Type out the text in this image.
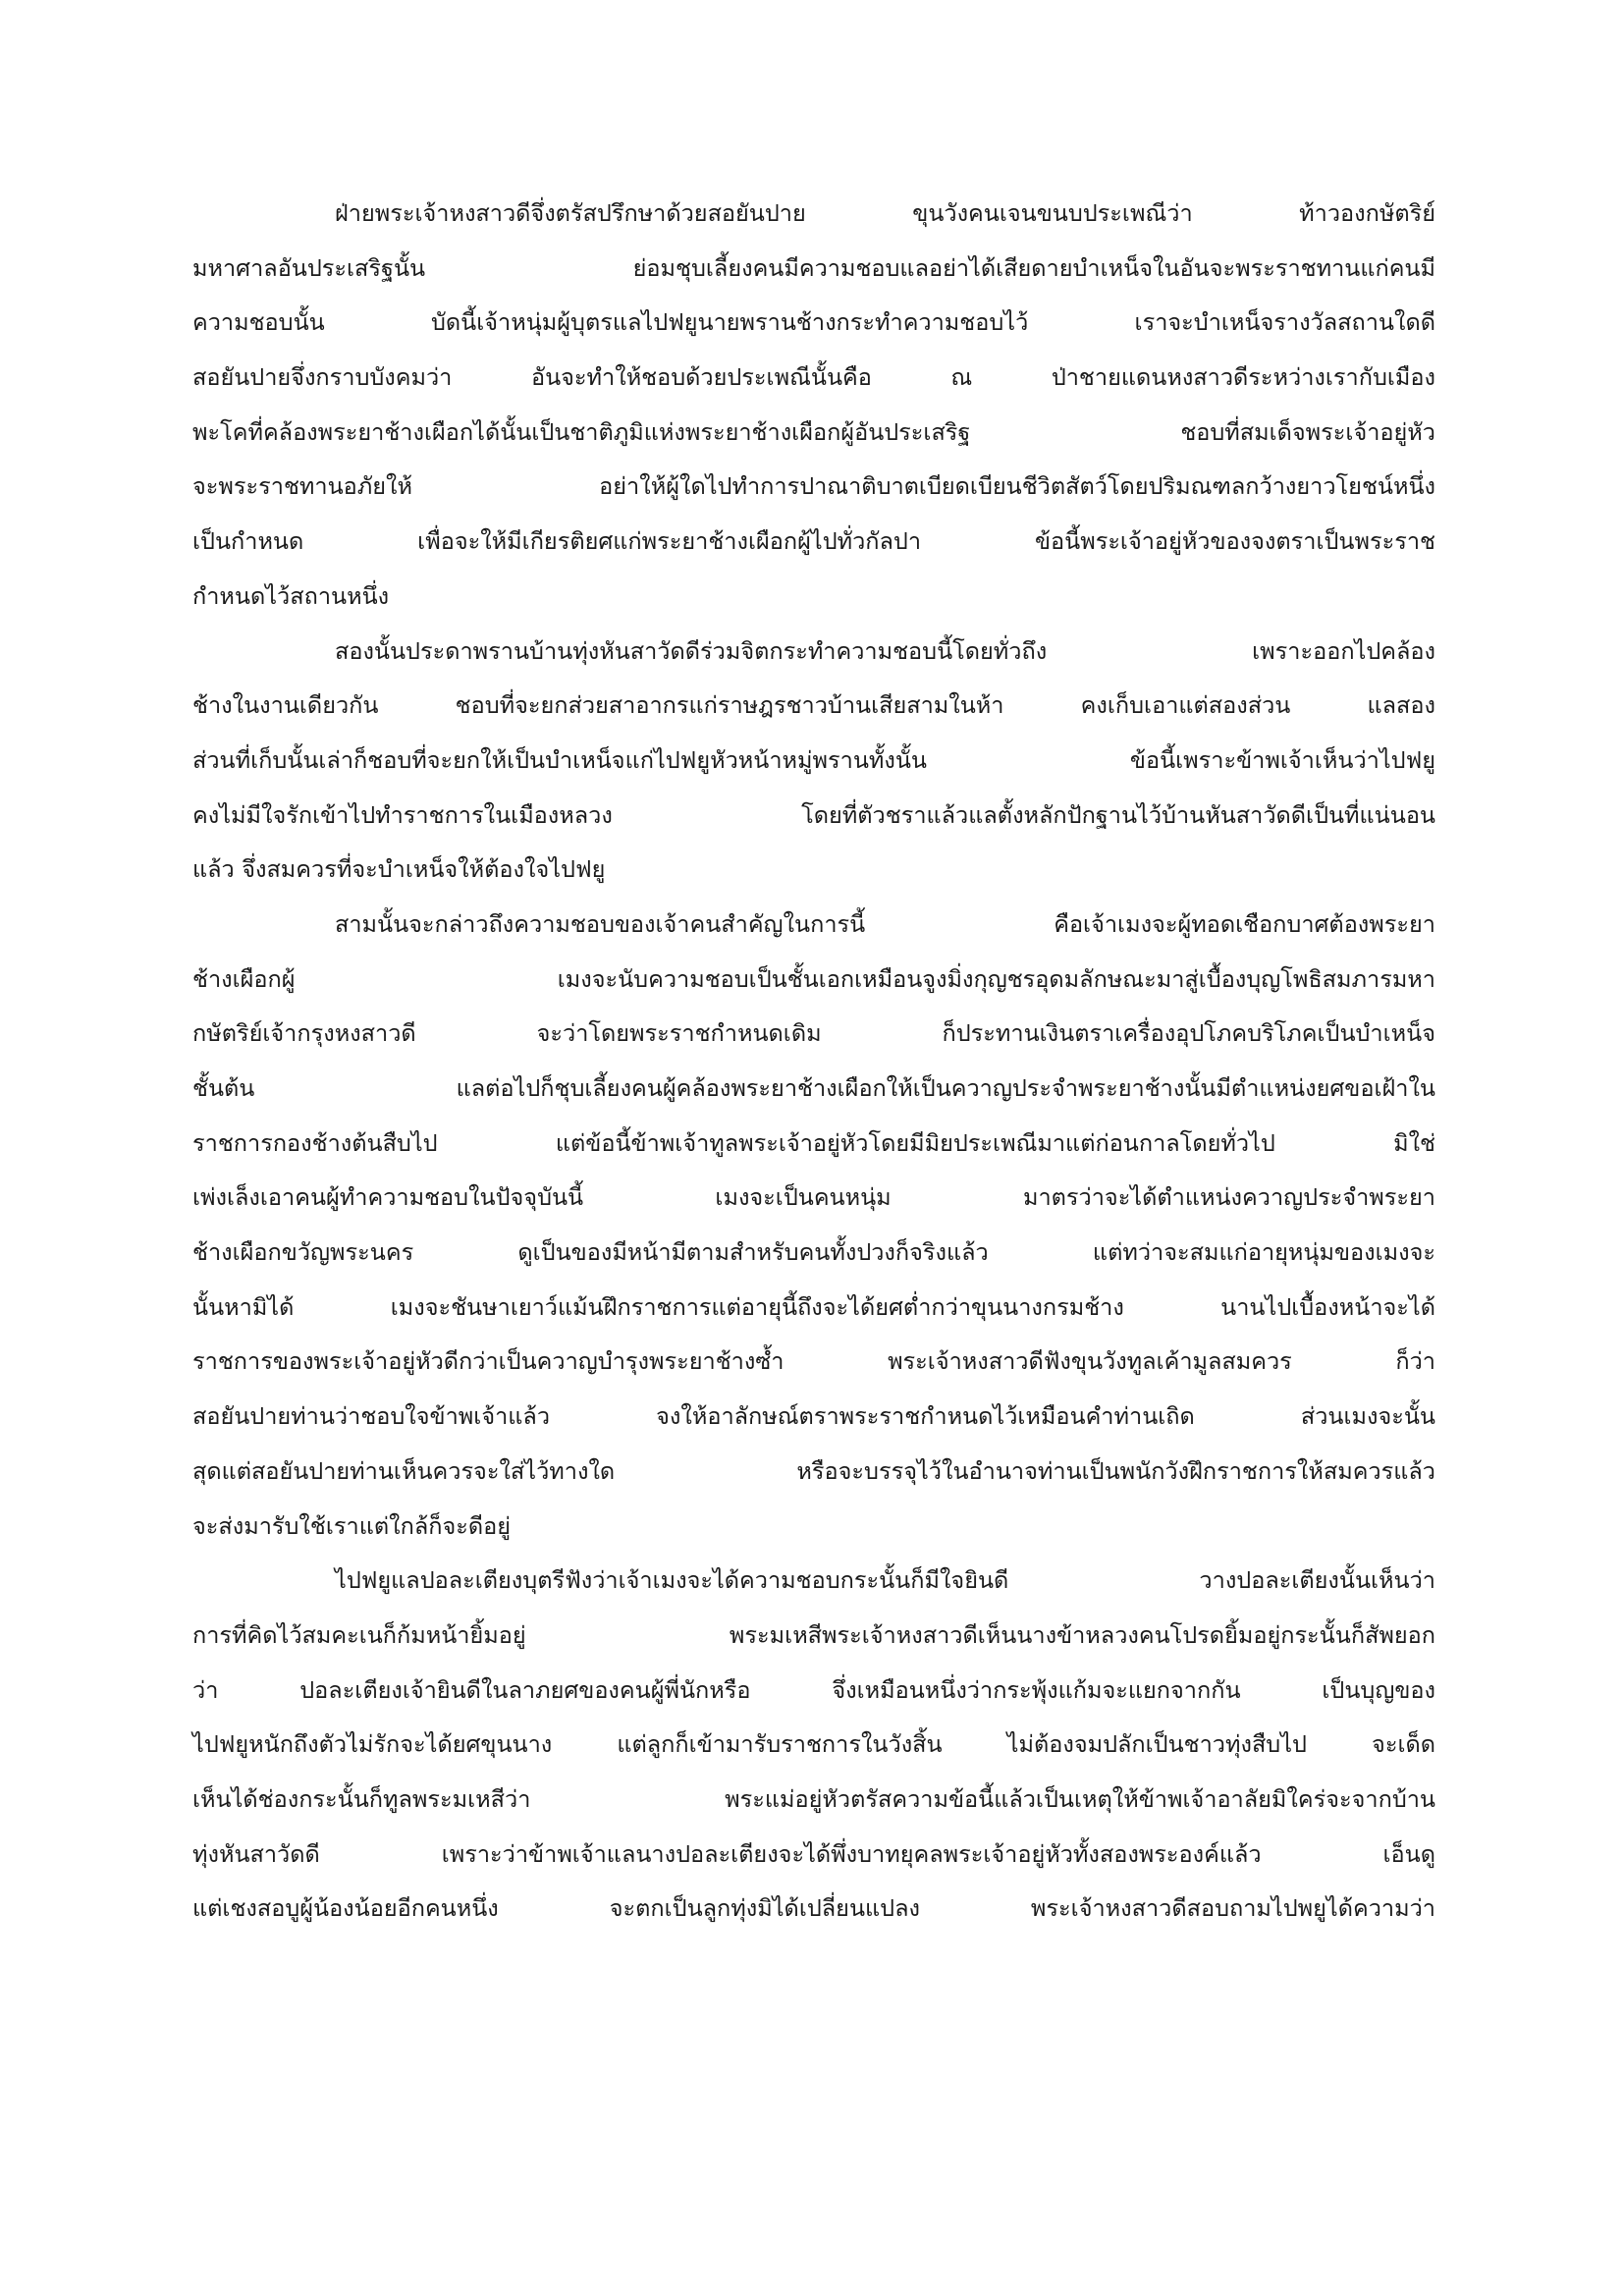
ฝ่ายพระเจ้าหงสาวดีจึ่งตรัสปรึกษาด้วยสอยันปาย ขุนวังคนเจนขนบประเพณีว่า ท้าวองกษัตริย์
มหาศาลอันประเสริฐนั้น ย่อมชุบเลี้ยงคนมีความชอบแลอย่าได้เสียดายบำเหน็จในอันจะพระราชทานแก่คนมี
ความชอบนั้น บัดนี้เจ้าหนุ่มผู้บุตรแลไปฟยูนายพรานช้างกระทำความชอบไว้ เราจะบำเหน็จรางวัลสถานใดดี
สอยันปายจึ่งกราบบังคมว่า อันจะทำให้ชอบด้วยประเพณีนั้นคือ ณ ป่าชายแดนหงสาวดีระหว่างเรากับเมือง
พะโคที่คล้องพระยาช้างเผือกได้นั้นเป็นชาติภูมิแห่งพระยาช้างเผือกผู้อันประเสริฐ ชอบที่สมเด็จพระเจ้าอยู่หัว
จะพระราชทานอภัยให้ อย่าให้ผู้ใดไปทำการปาณาติบาตเบียดเบียนชีวิตสัตว์โดยปริมณฑลกว้างยาวโยชน์หนึ่ง
เป็นกำหนด เพื่อจะให้มีเกียรติยศแก่พระยาช้างเผือกผู้ไปทั่วกัลปา ข้อนี้พระเจ้าอยู่หัวของจงตราเป็นพระราช
กำหนดไว้สถานหนึ่ง

สองนั้นประดาพรานบ้านทุ่งหันสาวัดดีร่วมจิตกระทำความชอบนี้โดยทั่วถึง เพราะออกไปคล้อง
ช้างในงานเดียวกัน ชอบที่จะยกส่วยสาอากรแก่ราษฎรชาวบ้านเสียสามในห้า คงเก็บเอาแต่สองส่วน แลสอง
ส่วนที่เก็บนั้นเล่าก็ชอบที่จะยกให้เป็นบำเหน็จแก่ไปฟยูหัวหน้าหมู่พรานทั้งนั้น ข้อนี้เพราะข้าพเจ้าเห็นว่าไปฟยู
คงไม่มีใจรักเข้าไปทำราชการในเมืองหลวง โดยที่ตัวชราแล้วแลตั้งหลักปักฐานไว้บ้านหันสาวัดดีเป็นที่แน่นอน
แล้ว จึ่งสมควรที่จะบำเหน็จให้ต้องใจไปฟยู

สามนั้นจะกล่าวถึงความชอบของเจ้าคนสำคัญในการนี้ คือเจ้าเมงจะผู้ทอดเชือกบาศต้องพระยา
ช้างเผือกผู้ เมงจะนับความชอบเป็นชั้นเอกเหมือนจูงมิ่งกุญชรอุดมลักษณะมาสู่เบื้องบุญโพธิสมภารมหา
กษัตริย์เจ้ากรุงหงสาวดี จะว่าโดยพระราชกำหนดเดิม ก็ประทานเงินตราเครื่องอุปโภคบริโภคเป็นบำเหน็จ
ชั้นต้น แลต่อไปก็ชุบเลี้ยงคนผู้คล้องพระยาช้างเผือกให้เป็นควาญประจำพระยาช้างนั้นมีตำแหน่งยศขอเฝ้าใน
ราชการกองช้างต้นสืบไป แต่ข้อนี้ข้าพเจ้าทูลพระเจ้าอยู่หัวโดยมีมิยประเพณีมาแต่ก่อนกาลโดยทั่วไป มิใช่
เพ่งเล็งเอาคนผู้ทำความชอบในปัจจุบันนี้ เมงจะเป็นคนหนุ่ม มาตรว่าจะได้ตำแหน่งควาญประจำพระยา
ช้างเผือกขวัญพระนคร ดูเป็นของมีหน้ามีตามสำหรับคนทั้งปวงก็จริงแล้ว แต่ทว่าจะสมแก่อายุหนุ่มของเมงจะ
นั้นหามิได้ เมงจะชันษาเยาว์แม้นฝึกราชการแต่อายุนี้ถึงจะได้ยศต่ำกว่าขุนนางกรมช้าง นานไปเบื้องหน้าจะได้
ราชการของพระเจ้าอยู่หัวดีกว่าเป็นควาญบำรุงพระยาช้างซ้ำ พระเจ้าหงสาวดีฟังขุนวังทูลเค้ามูลสมควร ก็ว่า
สอยันปายท่านว่าชอบใจข้าพเจ้าแล้ว จงให้อาลักษณ์ตราพระราชกำหนดไว้เหมือนคำท่านเถิด ส่วนเมงจะนั้น
สุดแต่สอยันปายท่านเห็นควรจะใส่ไว้ทางใด หรือจะบรรจุไว้ในอำนาจท่านเป็นพนักวังฝึกราชการให้สมควรแล้ว
จะส่งมารับใช้เราแต่ใกล้ก็จะดีอยู่

ไปฟยูแลปอละเตียงบุตรีฟังว่าเจ้าเมงจะได้ความชอบกระนั้นก็มีใจยินดี วางปอละเตียงนั้นเห็นว่า
การที่คิดไว้สมคะเนก็ก้มหน้ายิ้มอยู่ พระมเหสีพระเจ้าหงสาวดีเห็นนางข้าหลวงคนโปรดยิ้มอยู่กระนั้นก็สัพยอก
ว่า ปอละเตียงเจ้ายินดีในลาภยศของคนผู้พี่นักหรือ จึ่งเหมือนหนึ่งว่ากระพุ้งแก้มจะแยกจากกัน เป็นบุญของ
ไปฟยูหนักถึงตัวไม่รักจะได้ยศขุนนาง แต่ลูกก็เข้ามารับราชการในวังสิ้น ไม่ต้องจมปลักเป็นชาวทุ่งสืบไป จะเด็ด
เห็นได้ช่องกระนั้นก็ทูลพระมเหสีว่า พระแม่อยู่หัวตรัสความข้อนี้แล้วเป็นเหตุให้ข้าพเจ้าอาลัยมิใคร่จะจากบ้าน
ทุ่งหันสาวัดดี เพราะว่าข้าพเจ้าแลนางปอละเตียงจะได้พึ่งบาทยุคลพระเจ้าอยู่หัวทั้งสองพระองค์แล้ว เอ็นดู
แต่เชงสอบูผู้น้องน้อยอีกคนหนึ่ง จะตกเป็นลูกทุ่งมิได้เปลี่ยนแปลง พระเจ้าหงสาวดีสอบถามไปพยูได้ความว่า
